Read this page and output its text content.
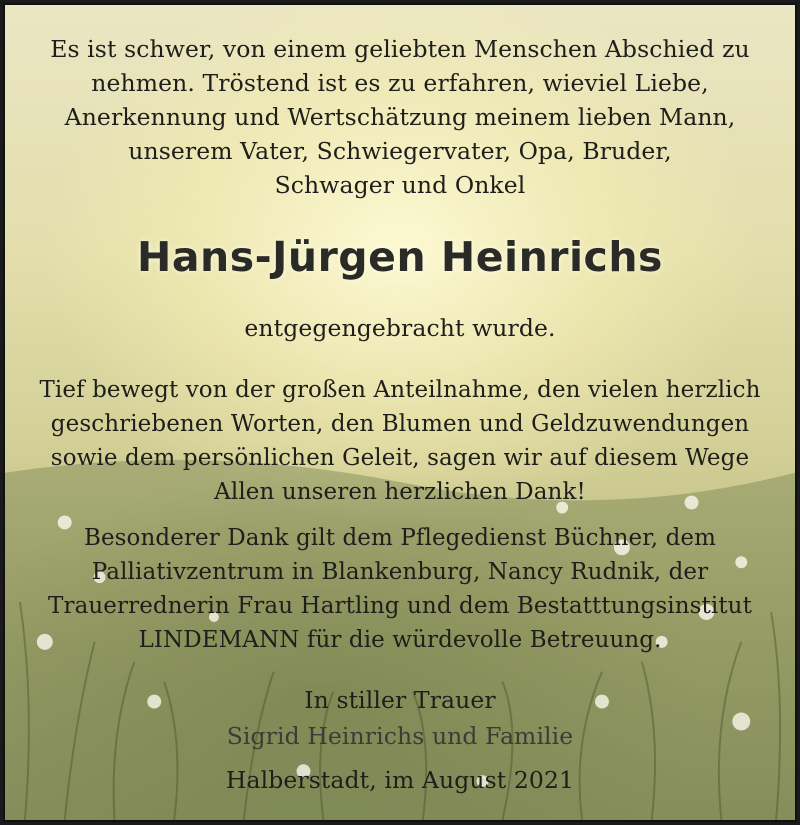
Es ist schwer, von einem geliebten Menschen Abschied zu
nehmen. Tröstend ist es zu erfahren, wieviel Liebe,
Anerkennung und Wertschätzung meinem lieben Mann,
unserem Vater, Schwiegervater, Opa, Bruder,
Schwager und Onkel
Hans-Jürgen Heinrichs
entgegengebracht wurde.
Tief bewegt von der großen Anteilnahme, den vielen herzlich
geschriebenen Worten, den Blumen und Geldzuwendungen
sowie dem persönlichen Geleit, sagen wir auf diesem Wege
Allen unseren herzlichen Dank!
Besonderer Dank gilt dem Pflegedienst Büchner, dem
Palliativzentrum in Blankenburg, Nancy Rudnik, der
Trauerrednerin Frau Hartling und dem Bestatttungsinstitut
LINDEMANN für die würdevolle Betreuung.
In stiller Trauer
Sigrid Heinrichs und Familie
Halberstadt, im August 2021
